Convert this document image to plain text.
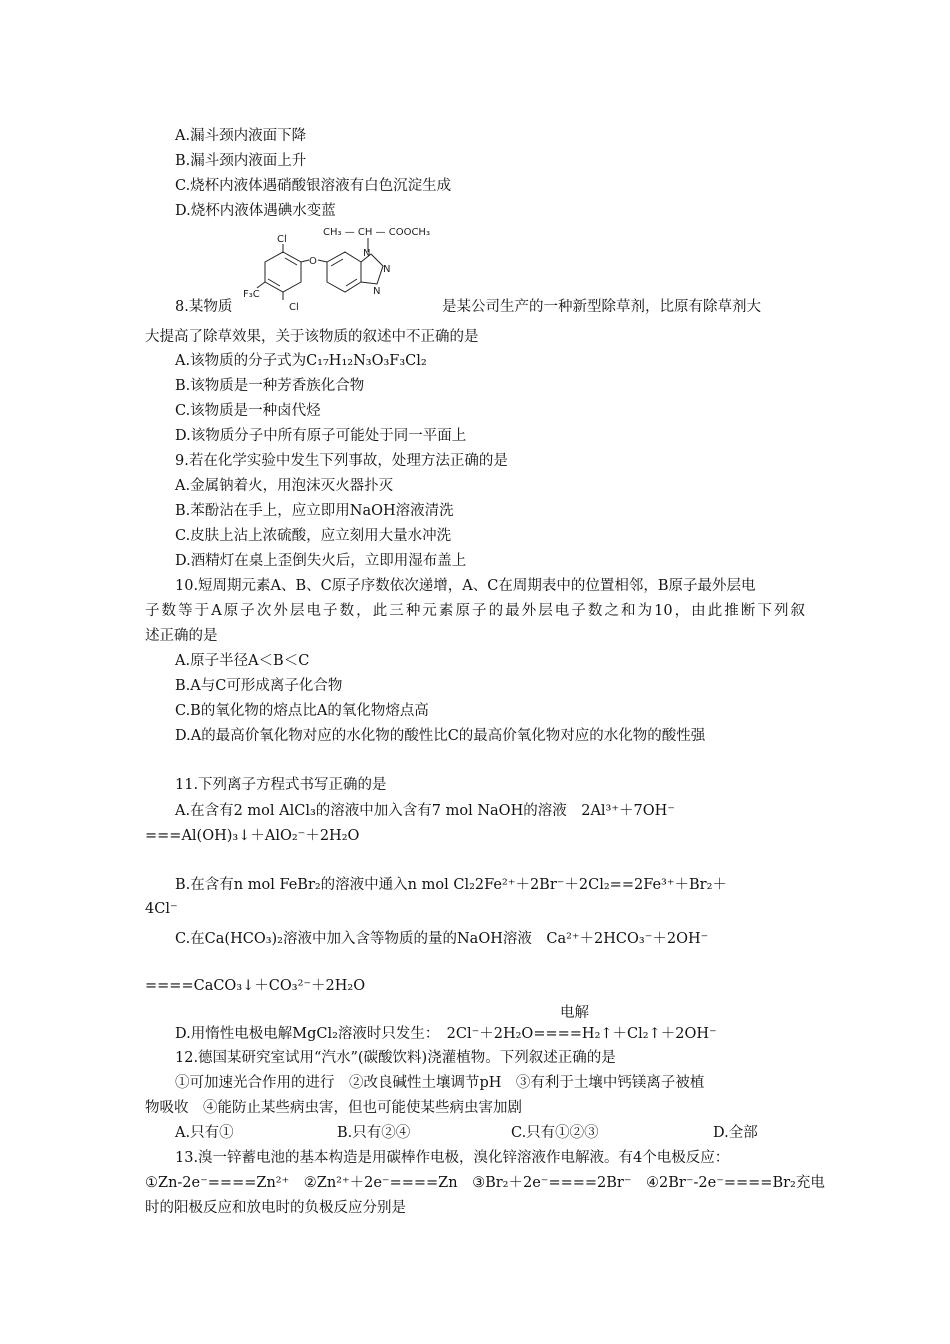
A.漏斗颈内液面下降
B.漏斗颈内液面上升
C.烧杯内液体遇硝酸银溶液有白色沉淀生成
D.烧杯内液体遇碘水变蓝
CH₃ — CH — COOCH₃
Cl
Cl
F₃C
O
N
N
N
8.某物质	是某公司生产的一种新型除草剂，比原有除草剂大
大提高了除草效果，关于该物质的叙述中不正确的是
A.该物质的分子式为C₁₇H₁₂N₃O₃F₃Cl₂
B.该物质是一种芳香族化合物
C.该物质是一种卤代烃
D.该物质分子中所有原子可能处于同一平面上
9.若在化学实验中发生下列事故，处理方法正确的是
A.金属钠着火，用泡沫灭火器扑灭
B.苯酚沾在手上，应立即用NaOH溶液清洗
C.皮肤上沾上浓硫酸，应立刻用大量水冲洗
D.酒精灯在桌上歪倒失火后，立即用湿布盖上
10.短周期元素A、B、C原子序数依次递增，A、C在周期表中的位置相邻，B原子最外层电
子数等于A原子次外层电子数，此三种元素原子的最外层电子数之和为10，由此推断下列叙
述正确的是
A.原子半径A＜B＜C
B.A与C可形成离子化合物
C.B的氧化物的熔点比A的氧化物熔点高
D.A的最高价氧化物对应的水化物的酸性比C的最高价氧化物对应的水化物的酸性强
11.下列离子方程式书写正确的是
A.在含有2 mol AlCl₃的溶液中加入含有7 mol NaOH的溶液　2Al³⁺＋7OH⁻
===Al(OH)₃↓＋AlO₂⁻＋2H₂O
B.在含有n mol FeBr₂的溶液中通入n mol Cl₂2Fe²⁺＋2Br⁻＋2Cl₂==2Fe³⁺＋Br₂＋
4Cl⁻
C.在Ca(HCO₃)₂溶液中加入含等物质的量的NaOH溶液　Ca²⁺＋2HCO₃⁻＋2OH⁻
====CaCO₃↓＋CO₃²⁻＋2H₂O
电解
D.用惰性电极电解MgCl₂溶液时只发生：　2Cl⁻＋2H₂O====H₂↑＋Cl₂↑＋2OH⁻
12.德国某研究室试用“汽水”(碳酸饮料)浇灌植物。下列叙述正确的是
①可加速光合作用的进行　②改良碱性土壤调节pH　③有利于土壤中钙镁离子被植
物吸收　④能防止某些病虫害，但也可能使某些病虫害加剧
A.只有①	B.只有②④	C.只有①②③	D.全部
13.溴一锌蓄电池的基本构造是用碳棒作电极，溴化锌溶液作电解液。有4个电极反应：
①Zn-2e⁻====Zn²⁺　②Zn²⁺＋2e⁻====Zn　③Br₂＋2e⁻====2Br⁻　④2Br⁻-2e⁻====Br₂充电
时的阳极反应和放电时的负极反应分别是
